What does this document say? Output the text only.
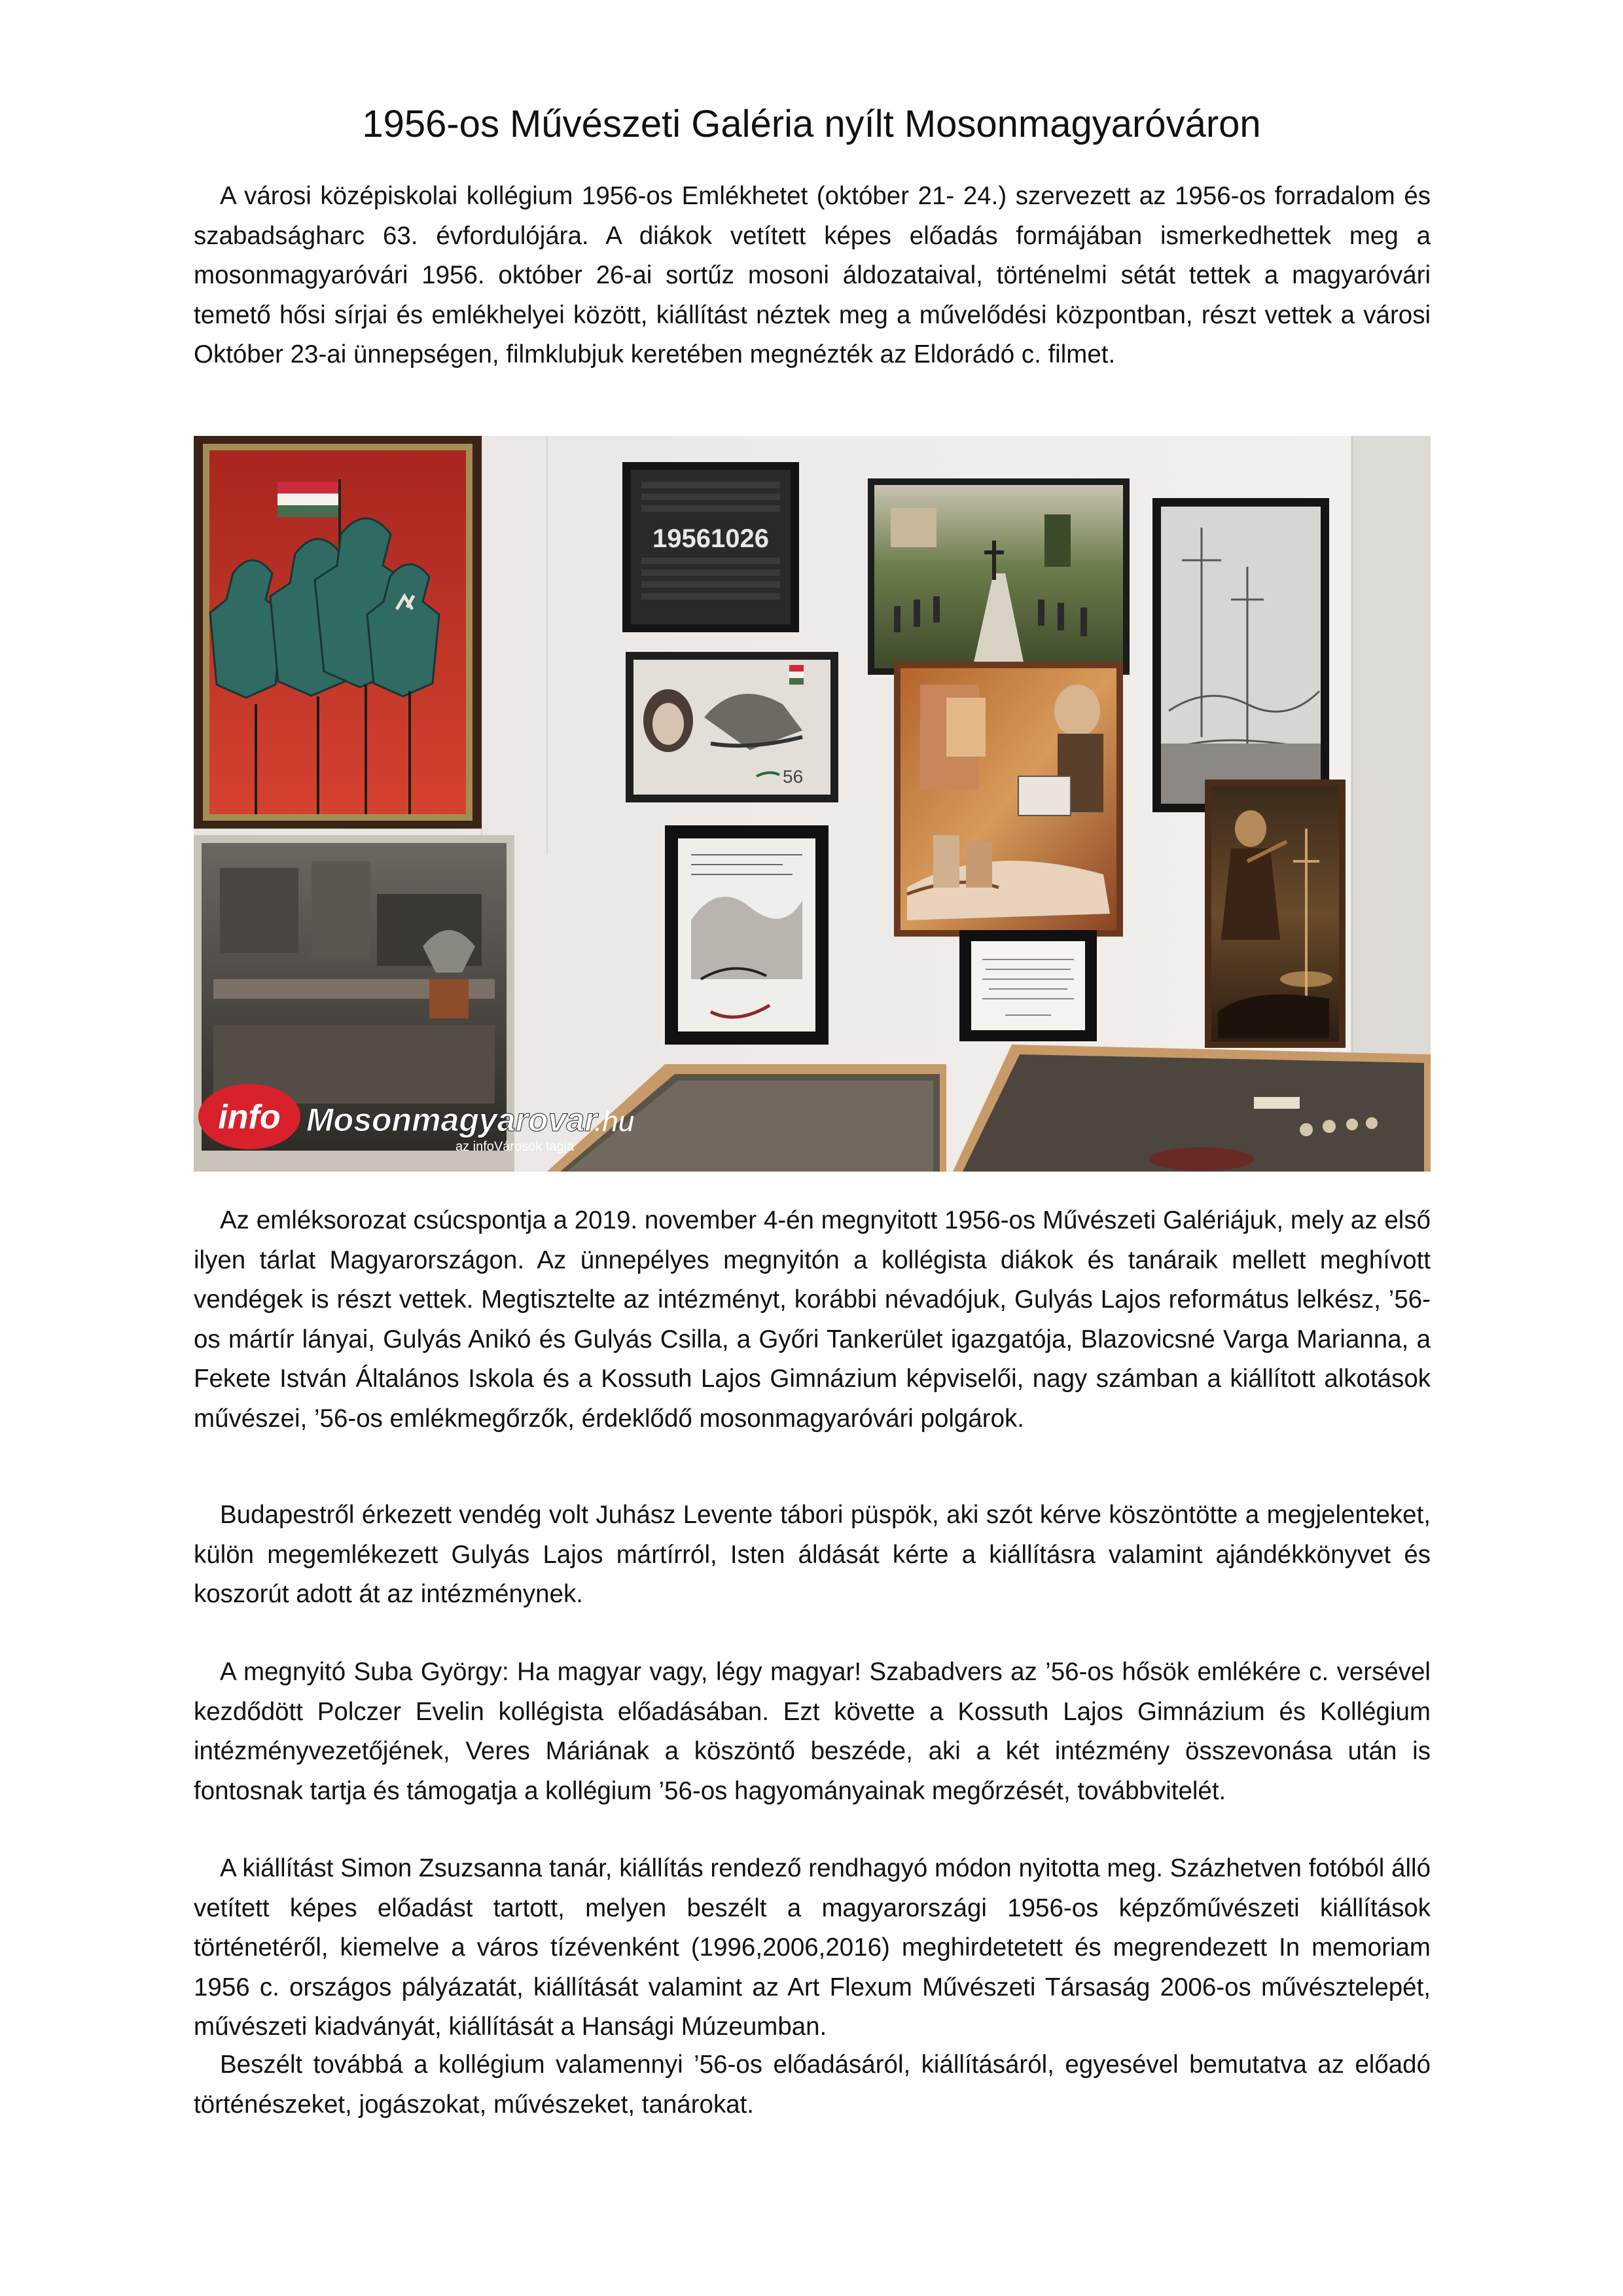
1956-os Művészeti Galéria nyílt Mosonmagyaróváron

A városi középiskolai kollégium 1956-os Emlékhetet (október 21- 24.) szervezett az 1956-os forradalom és szabadságharc 63. évfordulójára. A diákok vetített képes előadás formájában ismerkedhettek meg a mosonmagyaróvári 1956. október 26-ai sortűz mosoni áldozataival, történelmi sétát tettek a magyaróvári temető hősi sírjai és emlékhelyei között, kiállítást néztek meg a művelődési központban, részt vettek a városi Október 23-ai ünnepségen, filmklubjuk keretében megnézték az Eldorádó c. filmet.

19561026
56
info Mosonmagyarovar
.hu
az infoVárosok tagja

Az emléksorozat csúcspontja a 2019. november 4-én megnyitott 1956-os Művészeti Galériájuk, mely az első ilyen tárlat Magyarországon. Az ünnepélyes megnyitón a kollégista diákok és tanáraik mellett meghívott vendégek is részt vettek. Megtisztelte az intézményt, korábbi névadójuk, Gulyás Lajos református lelkész, ’56-os mártír lányai, Gulyás Anikó és Gulyás Csilla, a Győri Tankerület igazgatója, Blazovicsné Varga Marianna, a Fekete István Általános Iskola és a Kossuth Lajos Gimnázium képviselői, nagy számban a kiállított alkotások művészei, ’56-os emlékmegőrzők, érdeklődő mosonmagyaróvári polgárok.

Budapestről érkezett vendég volt Juhász Levente tábori püspök, aki szót kérve köszöntötte a megjelenteket, külön megemlékezett Gulyás Lajos mártírról, Isten áldását kérte a kiállításra valamint ajándékkönyvet és koszorút adott át az intézménynek.

A megnyitó Suba György: Ha magyar vagy, légy magyar! Szabadvers az ’56-os hősök emlékére c. versével kezdődött Polczer Evelin kollégista előadásában. Ezt követte a Kossuth Lajos Gimnázium és Kollégium intézményvezetőjének, Veres Máriának a köszöntő beszéde, aki a két intézmény összevonása után is fontosnak tartja és támogatja a kollégium ’56-os hagyományainak megőrzését, továbbvitelét.

A kiállítást Simon Zsuzsanna tanár, kiállítás rendező rendhagyó módon nyitotta meg. Százhetven fotóból álló vetített képes előadást tartott, melyen beszélt a magyarországi 1956-os képzőművészeti kiállítások történetéről, kiemelve a város tízévenként (1996,2006,2016) meghirdetetett és megrendezett In memoriam 1956 c. országos pályázatát, kiállítását valamint az Art Flexum Művészeti Társaság 2006-os művésztelepét, művészeti kiadványát, kiállítását a Hansági Múzeumban.

Beszélt továbbá a kollégium valamennyi ’56-os előadásáról, kiállításáról, egyesével bemutatva az előadó történészeket, jogászokat, művészeket, tanárokat.
